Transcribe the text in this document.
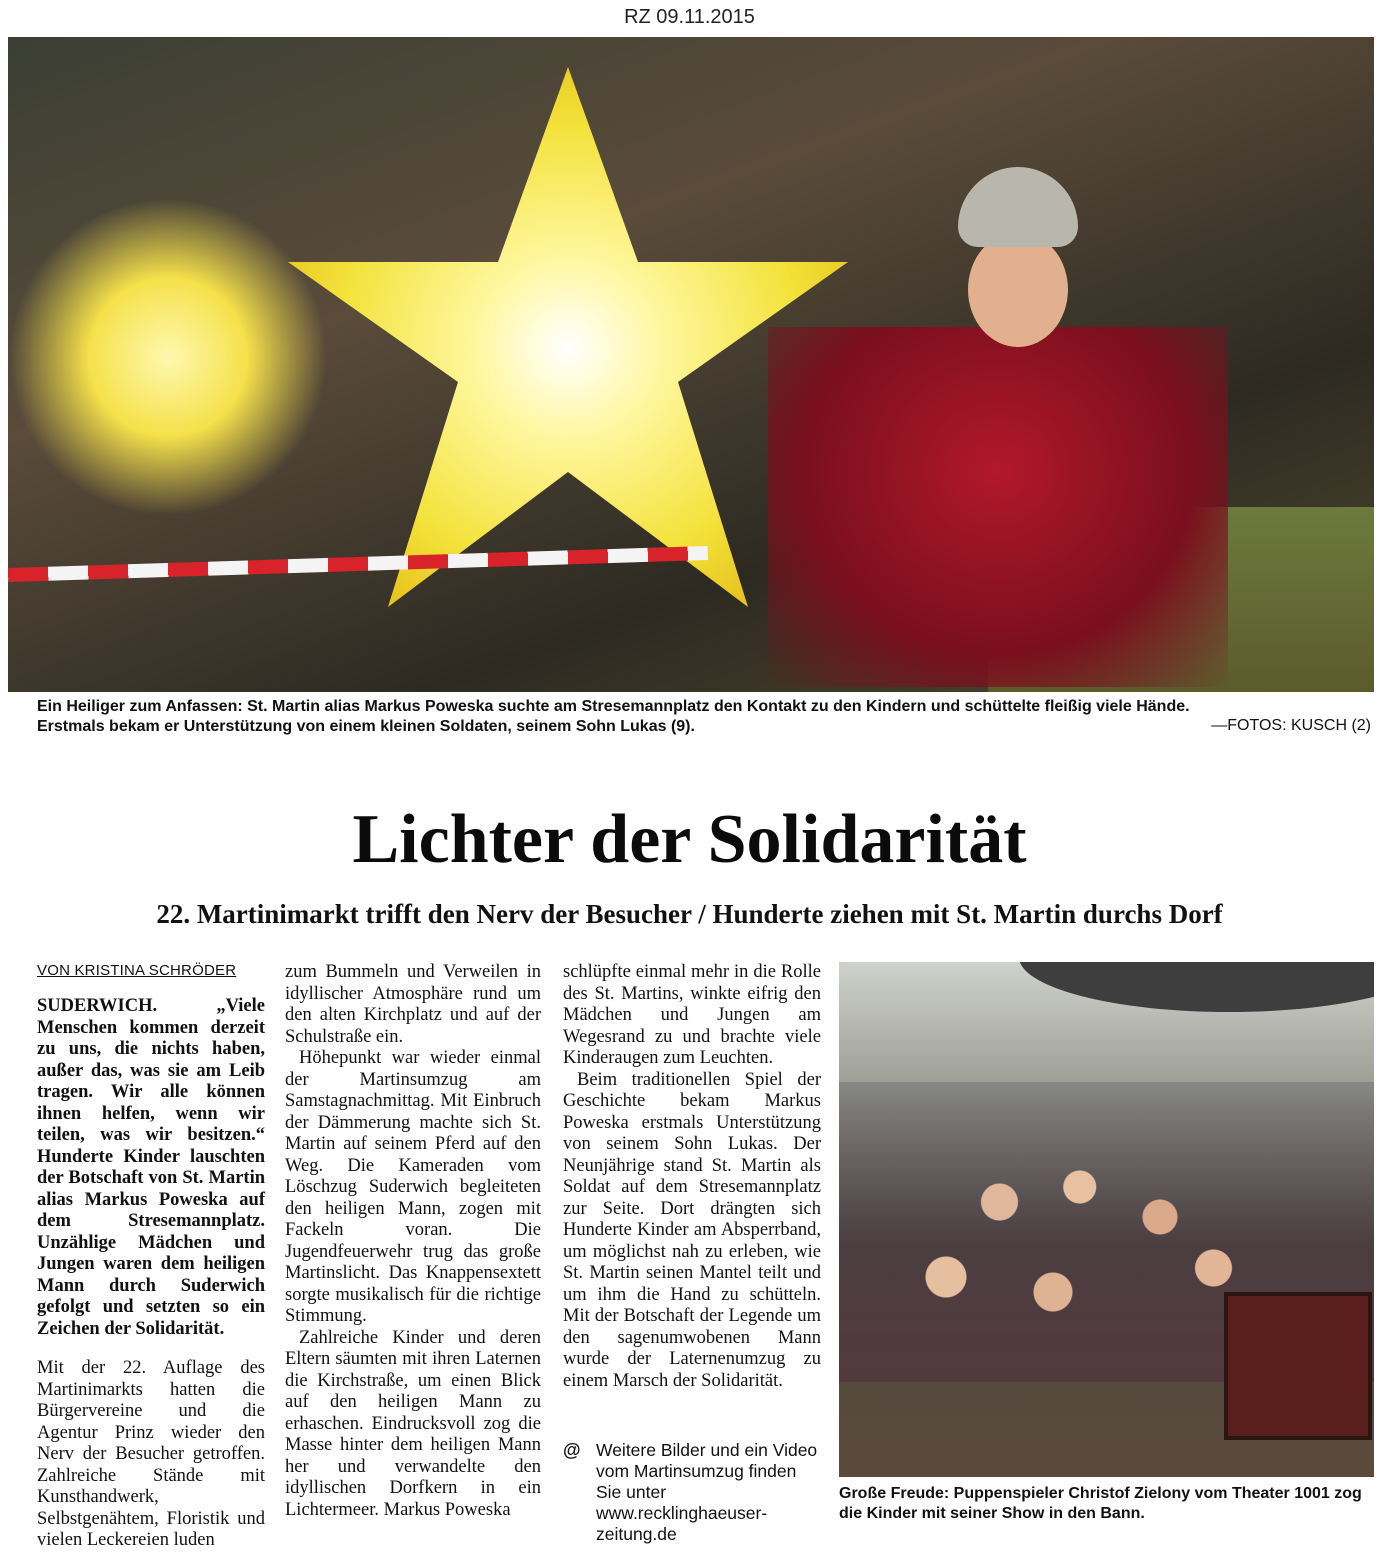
RZ 09.11.2015
Ein Heiliger zum Anfassen: St. Martin alias Markus Poweska suchte am Stresemannplatz den Kontakt zu den Kindern und schüttelte fleißig viele Hände.
Erstmals bekam er Unterstützung von einem kleinen Soldaten, seinem Sohn Lukas (9).	—FOTOS: KUSCH (2)
Lichter der Solidarität
22. Martinimarkt trifft den Nerv der Besucher / Hunderte ziehen mit St. Martin durchs Dorf
VON KRISTINA SCHRÖDER

SUDERWICH. „Viele Menschen kommen derzeit zu uns, die nichts haben, außer das, was sie am Leib tragen. Wir alle können ihnen helfen, wenn wir teilen, was wir besitzen.“ Hunderte Kinder lauschten der Botschaft von St. Martin alias Markus Poweska auf dem Stresemannplatz. Unzählige Mädchen und Jungen waren dem heiligen Mann durch Suderwich gefolgt und setzten so ein Zeichen der Solidarität.

Mit der 22. Auflage des Martinimarkts hatten die Bürgervereine und die Agentur Prinz wieder den Nerv der Besucher getroffen. Zahlreiche Stände mit Kunsthandwerk, Selbstgenähtem, Floristik und vielen Leckereien luden

zum Bummeln und Verweilen in idyllischer Atmosphäre rund um den alten Kirchplatz und auf der Schulstraße ein.

Höhepunkt war wieder einmal der Martinsumzug am Samstagnachmittag. Mit Einbruch der Dämmerung machte sich St. Martin auf seinem Pferd auf den Weg. Die Kameraden vom Löschzug Suderwich begleiteten den heiligen Mann, zogen mit Fackeln voran. Die Jugendfeuerwehr trug das große Martinslicht. Das Knappensextett sorgte musikalisch für die richtige Stimmung.

Zahlreiche Kinder und deren Eltern säumten mit ihren Laternen die Kirchstraße, um einen Blick auf den heiligen Mann zu erhaschen. Eindrucksvoll zog die Masse hinter dem heiligen Mann her und verwandelte den idyllischen Dorfkern in ein Lichtermeer. Markus Poweska

schlüpfte einmal mehr in die Rolle des St. Martins, winkte eifrig den Mädchen und Jungen am Wegesrand zu und brachte viele Kinderaugen zum Leuchten.

Beim traditionellen Spiel der Geschichte bekam Markus Poweska erstmals Unterstützung von seinem Sohn Lukas. Der Neunjährige stand St. Martin als Soldat auf dem Stresemannplatz zur Seite. Dort drängten sich Hunderte Kinder am Absperrband, um möglichst nah zu erleben, wie St. Martin seinen Mantel teilt und um ihm die Hand zu schütteln. Mit der Botschaft der Legende um den sagenumwobenen Mann wurde der Laternenumzug zu einem Marsch der Solidarität.

@ Weitere Bilder und ein Video vom Martinsumzug finden Sie unter www.recklinghaeuser-zeitung.de
Große Freude: Puppenspieler Christof Zielony vom Theater 1001 zog die Kinder mit seiner Show in den Bann.
